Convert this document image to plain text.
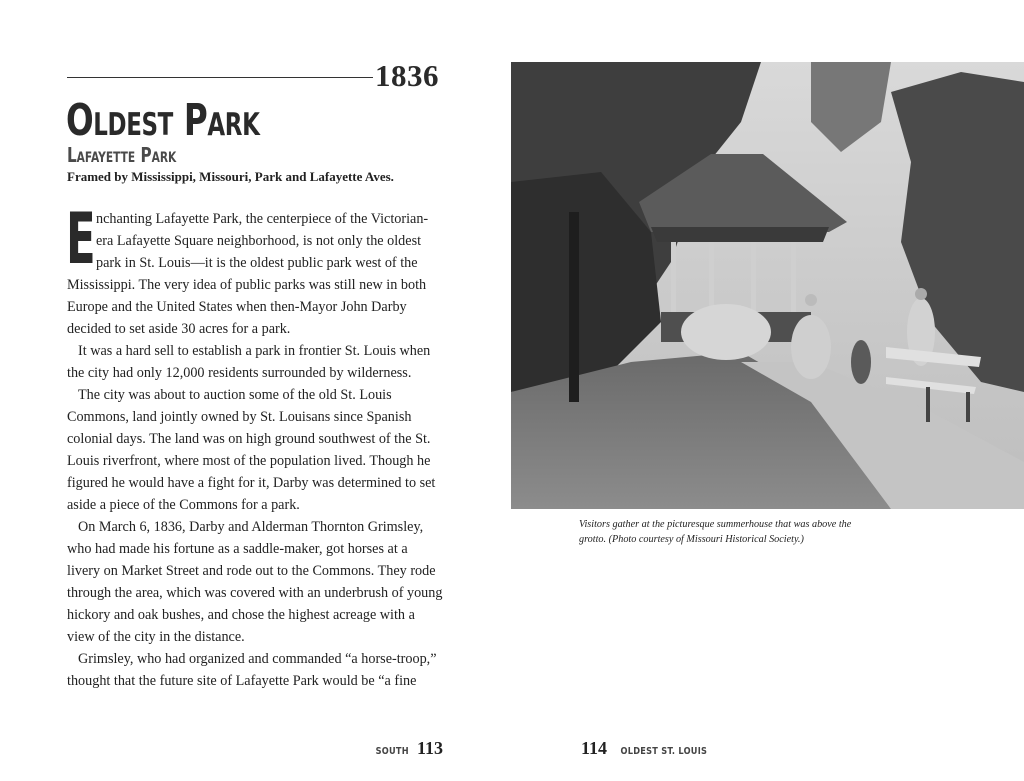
1836
Oldest Park
Lafayette Park
Framed by Mississippi, Missouri, Park and Lafayette Aves.

Enchanting Lafayette Park, the centerpiece of the Victorian-era Lafayette Square neighborhood, is not only the oldest park in St. Louis—it is the oldest public park west of the Mississippi. The very idea of public parks was still new in both Europe and the United States when then-Mayor John Darby decided to set aside 30 acres for a park.

It was a hard sell to establish a park in frontier St. Louis when the city had only 12,000 residents surrounded by wilderness.

The city was about to auction some of the old St. Louis Commons, land jointly owned by St. Louisans since Spanish colonial days. The land was on high ground southwest of the St. Louis riverfront, where most of the population lived. Though he figured he would have a fight for it, Darby was determined to set aside a piece of the Commons for a park.

On March 6, 1836, Darby and Alderman Thornton Grimsley, who had made his fortune as a saddle-maker, got horses at a livery on Market Street and rode out to the Commons. They rode through the area, which was covered with an underbrush of young hickory and oak bushes, and chose the highest acreage with a view of the city in the distance.

Grimsley, who had organized and commanded “a horse-troop,” thought that the future site of Lafayette Park would be “a fine

SOUTH 113
Visitors gather at the picturesque summerhouse that was above the grotto. (Photo courtesy of Missouri Historical Society.)
114 OLDEST ST. LOUIS
